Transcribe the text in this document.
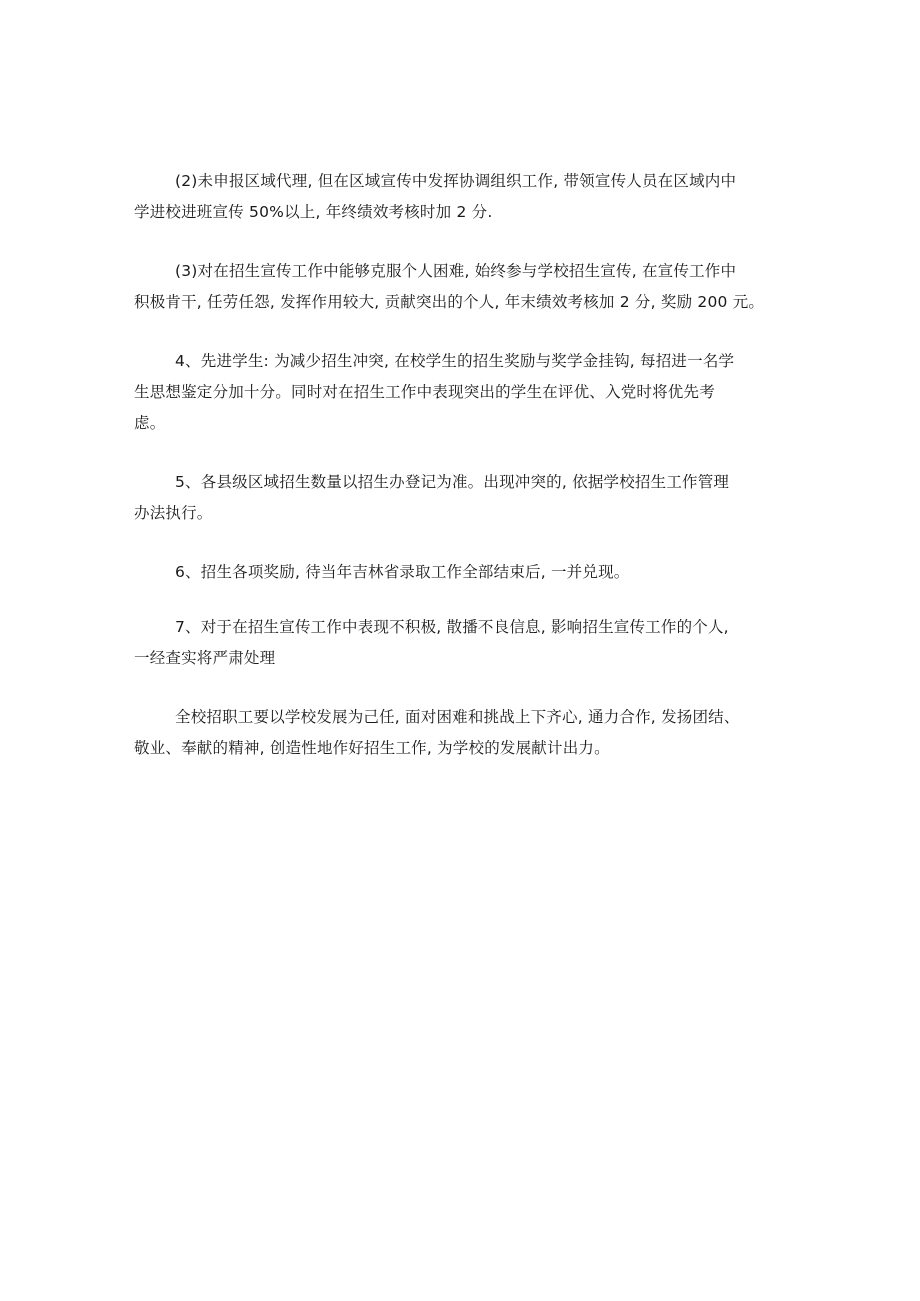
(2)未申报区域代理, 但在区域宣传中发挥协调组织工作, 带领宣传人员在区域内中
学进校进班宣传 50%以上, 年终绩效考核时加 2 分.

(3)对在招生宣传工作中能够克服个人困难, 始终参与学校招生宣传, 在宣传工作中
积极肯干, 任劳任怨, 发挥作用较大, 贡献突出的个人, 年末绩效考核加 2 分, 奖励 200 元。

4、先进学生: 为减少招生冲突, 在校学生的招生奖励与奖学金挂钩, 每招进一名学
生思想鉴定分加十分。同时对在招生工作中表现突出的学生在评优、入党时将优先考
虑。

5、各县级区域招生数量以招生办登记为准。出现冲突的, 依据学校招生工作管理
办法执行。

6、招生各项奖励, 待当年吉林省录取工作全部结束后, 一并兑现。

7、对于在招生宣传工作中表现不积极, 散播不良信息, 影响招生宣传工作的个人,
一经查实将严肃处理

全校招职工要以学校发展为己任, 面对困难和挑战上下齐心, 通力合作, 发扬团结、
敬业、奉献的精神, 创造性地作好招生工作, 为学校的发展献计出力。
